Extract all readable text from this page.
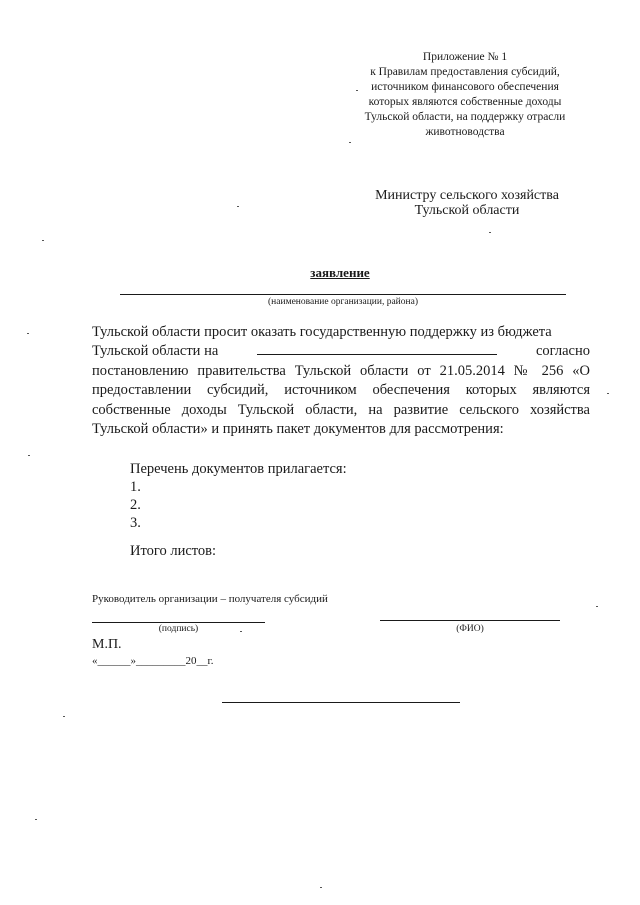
Приложение № 1
к Правилам предоставления субсидий,
источником финансового обеспечения
которых являются собственные доходы
Тульской области, на поддержку отрасли
животноводства
Министру сельского хозяйства
Тульской области
заявление
(наименование организации, района)
Тульской области просит оказать государственную поддержку из бюджета
Тульской области на	согласно

постановлению правительства Тульской области от 21.05.2014 № 256 «О предоставлении субсидий, источником обеспечения которых являются собственные доходы Тульской области, на развитие сельского хозяйства Тульской области» и принять пакет документов для рассмотрения:

Перечень документов прилагается:
1.
2.
3.
Итого листов:
Руководитель организации – получателя субсидий
(подпись)	(ФИО)
М.П.
«______»_________20__г.
